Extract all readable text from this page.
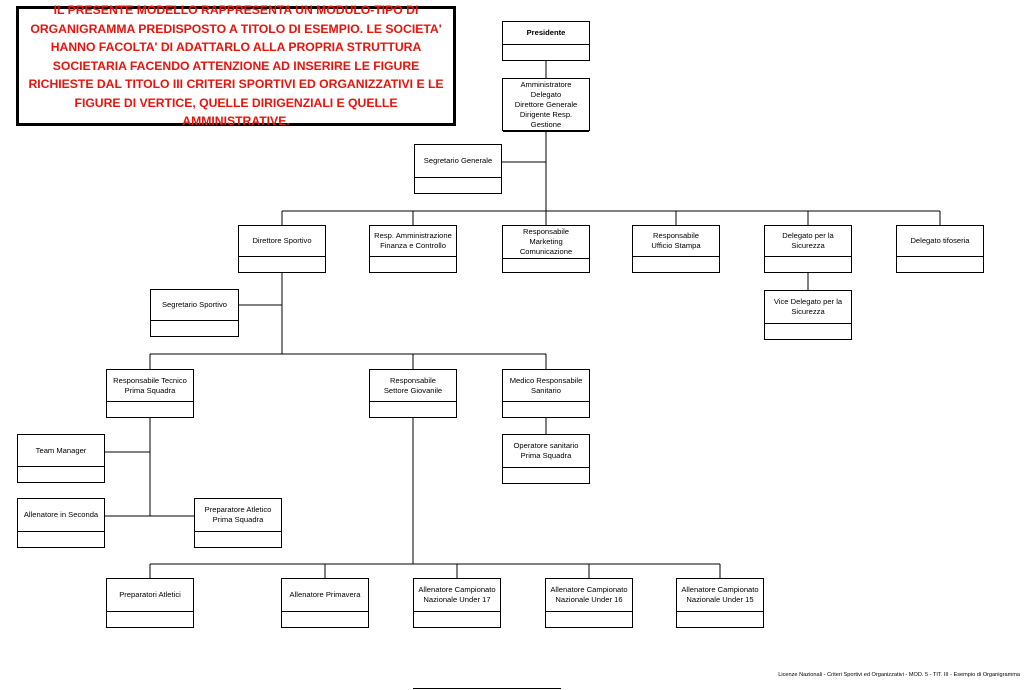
IL PRESENTE MODELLO RAPPRESENTA UN MODULO-TIPO DI ORGANIGRAMMA PREDISPOSTO A TITOLO DI ESEMPIO. LE SOCIETA' HANNO FACOLTA' DI ADATTARLO ALLA PROPRIA STRUTTURA SOCIETARIA FACENDO ATTENZIONE AD INSERIRE LE FIGURE RICHIESTE DAL TITOLO III CRITERI SPORTIVI ED ORGANIZZATIVI E LE FIGURE DI VERTICE, QUELLE DIRIGENZIALI E QUELLE AMMINISTRATIVE.
Presidente
Amministratore Delegato
Direttore Generale
Dirigente Resp. Gestione
Segretario Generale
Direttore Sportivo
Resp. Amministrazione
Finanza e Controllo
Responsabile Marketing
Comunicazione
Responsabile
Ufficio Stampa
Delegato per la Sicurezza
Delegato tifoseria
Vice Delegato per la
Sicurezza
Segretario Sportivo
Responsabile Tecnico
Prima Squadra
Responsabile
Settore Giovanile
Medico Responsabile
Sanitario
Operatore sanitario
Prima Squadra
Team Manager
Allenatore in Seconda
Preparatore Atletico
Prima Squadra
Preparatori Atletici	Allenatore Primavera
Allenatore Campionato
Nazionale Under 17
Allenatore Campionato
Nazionale Under 16
Allenatore Campionato
Nazionale Under 15
Licenze Nazionali - Criteri Sportivi ed Organizzativi - MOD. 5 - TIT. III - Esempio di Organigramma
